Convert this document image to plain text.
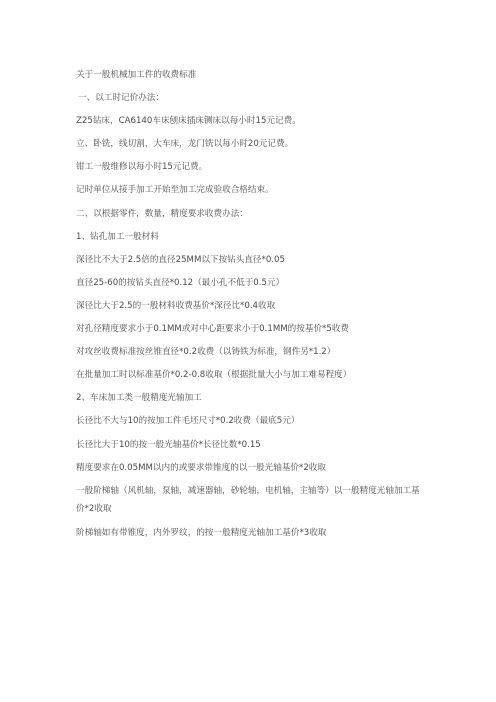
关于一般机械加工件的收费标准
一、以工时记价办法：
Z25钻床，CA6140车床刨床插床铡床以每小时15元记费。
立、卧铣，线切割，大车床，龙门铣以每小时20元记费。
钳工一般维修以每小时15元记费。
记时单位从接手加工开始至加工完成验收合格结束。
二、以根据零件，数量，精度要求收费办法：
1、钻孔加工一般材料
深径比不大于2.5倍的直径25MM以下按钻头直径*0.05
直径25-60的按钻头直径*0.12（最小孔不低于0.5元）
深径比大于2.5的一般材料收费基价*深径比*0.4收取
对孔径精度要求小于0.1MM或对中心距要求小于0.1MM的按基价*5收费
对攻丝收费标准按丝锥直径*0.2收费（以铸铁为标准，钢件另*1.2）
在批量加工时以标准基价*0.2-0.8收取（根据批量大小与加工难易程度）
2、车床加工类一般精度光轴加工
长径比不大与10的按加工件毛坯尺寸*0.2收费（最底5元）
长径比大于10的按一般光轴基价*长径比数*0.15
精度要求在0.05MM以内的或要求带锥度的以一般光轴基价*2收取
一般阶梯轴（风机轴，泵轴，减速器轴，砂轮轴，电机轴，主轴等）以一般精度光轴加工基价*2收取
阶梯轴如有带锥度，内外罗纹，的按一般精度光轴加工基价*3收取
